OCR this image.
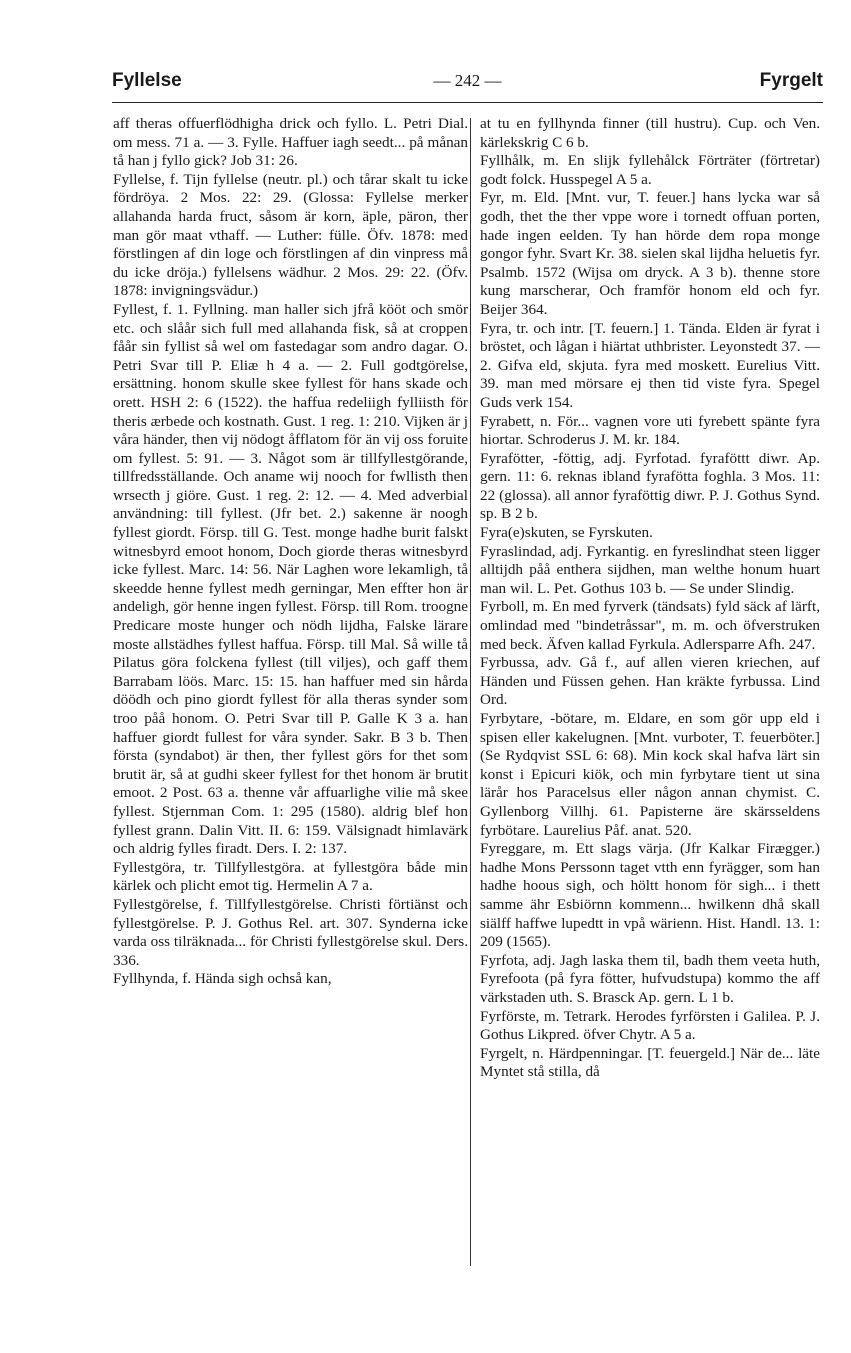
Fyllelse	— 242 —	Fyrgelt

aff theras offuerflödhigha drick och fyllo. L. Petri Dial. om mess. 71 a. — 3. Fylle. Haffuer iagh seedt... på månan tå han j fyllo gick? Job 31: 26.

Fyllelse, f. Tijn fyllelse (neutr. pl.) och tårar skalt tu icke fördröya. 2 Mos. 22: 29. (Glossa: Fyllelse merker allahanda harda fruct, såsom är korn, äple, päron, ther man gör maat vthaff. — Luther: fülle. Öfv. 1878: med förstlingen af din loge och förstlingen af din vinpress må du icke dröja.) fyllelsens wädhur. 2 Mos. 29: 22. (Öfv. 1878: invigningsvädur.)

Fyllest, f. 1. Fyllning. man haller sich jfrå kööt och smör etc. och slåår sich full med allahanda fisk, så at croppen fåår sin fyllist så wel om fastedagar som andro dagar. O. Petri Svar till P. Eliæ h 4 a. — 2. Full godtgörelse, ersättning. honom skulle skee fyllest för hans skade och orett. HSH 2: 6 (1522). the haffua redeliigh fylliisth för theris ærbede och kostnath. Gust. 1 reg. 1: 210. Vijken är j våra händer, then vij nödogt åfflatom för än vij oss foruite om fyllest. 5: 91. — 3. Något som är tillfyllestgörande, tillfredsställande. Och aname wij nooch for fwllisth then wrsecth j giöre. Gust. 1 reg. 2: 12. — 4. Med adverbial användning: till fyllest. (Jfr bet. 2.) sakenne är noogh fyllest giordt. Försp. till G. Test. monge hadhe burit falskt witnesbyrd emoot honom, Doch giorde theras witnesbyrd icke fyllest. Marc. 14: 56. När Laghen wore lekamligh, tå skeedde henne fyllest medh gerningar, Men effter hon är andeligh, gör henne ingen fyllest. Försp. till Rom. troogne Predicare moste hunger och nödh lijdha, Falske lärare moste allstädhes fyllest haffua. Försp. till Mal. Så wille tå Pilatus göra folckena fyllest (till viljes), och gaff them Barrabam löös. Marc. 15: 15. han haffuer med sin hårda döödh och pino giordt fyllest för alla theras synder som troo påå honom. O. Petri Svar till P. Galle K 3 a. han haffuer giordt fullest for våra synder. Sakr. B 3 b. Then första (syndabot) är then, ther fyllest görs for thet som brutit är, så at gudhi skeer fyllest for thet honom är brutit emoot. 2 Post. 63 a. thenne vår affuarlighe vilie må skee fyllest. Stjernman Com. 1: 295 (1580). aldrig blef hon fyllest grann. Dalin Vitt. II. 6: 159. Välsignadt himlavärk och aldrig fylles firadt. Ders. I. 2: 137.

Fyllestgöra, tr. Tillfyllestgöra. at fyllestgöra både min kärlek och plicht emot tig. Hermelin A 7 a.

Fyllestgörelse, f. Tillfyllestgörelse. Christi förtiänst och fyllestgörelse. P. J. Gothus Rel. art. 307. Synderna icke varda oss tilräknada... för Christi fyllestgörelse skul. Ders. 336.

Fyllhynda, f. Hända sigh ochså kan,

at tu en fyllhynda finner (till hustru). Cup. och Ven. kärlekskrig C 6 b.

Fyllhålk, m. En slijk fyllehålck Förträter (förtretar) godt folck. Husspegel A 5 a.

Fyr, m. Eld. [Mnt. vur, T. feuer.] hans lycka war så godh, thet the ther vppe wore i tornedt offuan porten, hade ingen eelden. Ty han hörde dem ropa monge gongor fyhr. Svart Kr. 38. sielen skal lijdha heluetis fyr. Psalmb. 1572 (Wijsa om dryck. A 3 b). thenne store kung marscherar, Och framför honom eld och fyr. Beijer 364.

Fyra, tr. och intr. [T. feuern.] 1. Tända. Elden är fyrat i bröstet, och lågan i hiärtat uthbrister. Leyonstedt 37. — 2. Gifva eld, skjuta. fyra med moskett. Eurelius Vitt. 39. man med mörsare ej then tid viste fyra. Spegel Guds verk 154.

Fyrabett, n. För... vagnen vore uti fyrebett spänte fyra hiortar. Schroderus J. M. kr. 184.

Fyrafötter, -föttig, adj. Fyrfotad. fyraföttt diwr. Ap. gern. 11: 6. reknas ibland fyrafötta foghla. 3 Mos. 11: 22 (glossa). all annor fyraföttig diwr. P. J. Gothus Synd. sp. B 2 b.

Fyra(e)skuten, se Fyrskuten.

Fyraslindad, adj. Fyrkantig. en fyreslindhat steen ligger alltijdh påå enthera sijdhen, man welthe honum huart man wil. L. Pet. Gothus 103 b. — Se under Slindig.

Fyrboll, m. En med fyrverk (tändsats) fyld säck af lärft, omlindad med "bindetråssar", m. m. och öfverstruken med beck. Äfven kallad Fyrkula. Adlersparre Afh. 247.

Fyrbussa, adv. Gå f., auf allen vieren kriechen, auf Händen und Füssen gehen. Han kräkte fyrbussa. Lind Ord.

Fyrbytare, -bötare, m. Eldare, en som gör upp eld i spisen eller kakelugnen. [Mnt. vurboter, T. feuerböter.] (Se Rydqvist SSL 6: 68). Min kock skal hafva lärt sin konst i Epicuri kiök, och min fyrbytare tient ut sina lärår hos Paracelsus eller någon annan chymist. C. Gyllenborg Villhj. 61. Papisterne äre skärsseldens fyrbötare. Laurelius Påf. anat. 520.

Fyreggare, m. Ett slags värja. (Jfr Kalkar Firægger.) hadhe Mons Perssonn taget vtth enn fyrägger, som han hadhe hoous sigh, och höltt honom för sigh... i thett samme ähr Esbiörnn kommenn... hwilkenn dhå skall siälff haffwe lupedtt in vpå wärienn. Hist. Handl. 13. 1: 209 (1565).

Fyrfota, adj. Jagh laska them til, badh them veeta huth, Fyrefoota (på fyra fötter, hufvudstupa) kommo the aff värkstaden uth. S. Brasck Ap. gern. L 1 b.

Fyrförste, m. Tetrark. Herodes fyrförsten i Galilea. P. J. Gothus Likpred. öfver Chytr. A 5 a.

Fyrgelt, n. Härdpenningar. [T. feuergeld.] När de... läte Myntet stå stilla, då
